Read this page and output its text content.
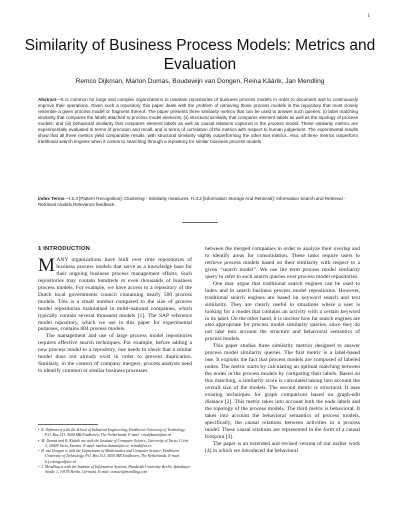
1
Similarity of Business Process Models: Metrics and Evaluation
Remco Dijkman, Marlon Dumas, Boudewijn van Dongen, Reina Käärik, Jan Mendling
Abstract—It is common for large and complex organizations to maintain repositories of business process models in order to document and to continuously improve their operations. Given such a repository, this paper deals with the problem of retrieving those process models in the repository that most closely resemble a given process model or fragment thereof. The paper presents three similarity metrics that can be used to answer such queries: (i) label matching similarity that compares the labels attached to process model elements; (ii) structural similarity that compares element labels as well as the topology of process models; and (iii) behavioral similarity that compares element labels as well as causal relations captured in the process model. These similarity metrics are experimentally evaluated in terms of precision and recall, and in terms of correlation of the metrics with respect to human judgement. The experimental results show that all three metrics yield comparable results, with structural similarity slightly outperforming the other two metrics. Also, all three metrics outperform traditional search engines when it comes to searching through a repository for similar business process models.
Index Terms—I.5.3 [Pattern Recognition]: Clustering - Similarity measures. H.3.3 [Information Storage And Retrieval]: Information Search and Retrieval - Retrieval models,Relevance feedback.
1 INTRODUCTION

MANY organizations have built over time repositories of business process models that serve as a knowledge base for their ongoing business process management efforts. Such repositories may contain hundreds or even thousands of business process models. For example, we have access to a repository of the Dutch local governments council containing nearly 500 process models. This is a small number compared to the size of process model repositories maintained in multi-national companies, which typically contain several thousand models [1]. The SAP reference model repository, which we use in this paper for experimental purposes, contains 604 process models.

The management and use of large process model repositories requires effective search techniques. For example, before adding a new process model to a repository, one needs to check that a similar model does not already exist in order to prevent duplication. Similarly, in the context of company mergers, process analysts need to identify common or similar business processes

between the merged companies in order to analyze their overlap and to identify areas for consolidation. These tasks require users to retrieve process models based on their similarity with respect to a given “search model”. We use the term process model similarity query to refer to such search queries over process model repositories.

One may argue that traditional search engines can be used to index and to search business process model repositories. However, traditional search engines are based on keyword search and text similarity. They are clearly useful in situations where a user is looking for a model that contains an activity with a certain keyword in its label. On the other hand, it is unclear how far search engines are also appropriate for process model similarity queries, since they do not take into account the structure and behavioral semantics of process models.

This paper studies three similarity metrics designed to answer process model similarity queries. The first metric is a label-based one. It exploits the fact that process models are composed of labeled nodes. The metric starts by calculating an optimal matching between the nodes in the process models by comparing their labels. Based on this matching, a similarity score is calculated taking into account the overall size of the models. The second metric is structural. It uses existing techniques for graph comparison based on graph-edit distance [2]. This metric takes into account both the node labels and the topology of the process models. The third metric is behavioral. It takes into account the behavioral semantics of process models, specifically, the causal relations between activities in a process model. These causal relations are represented in the form of a causal footprint [3].

The paper is an extended and revised version of our earlier work [4] in which we introduced the behavioral

•  R. Dijkman is with the School of Industrial Engineering, Eindhoven University of Technology, P.O. Box 513, 5600 MB Eindhoven, The Netherlands. E-mail: r.m.dijkman@tue.nl
•  M. Dumas and R. Käärik are with the Institute of Computer Science, University of Tartu, J Liivi 2, 50409 Tartu, Estonia. E-mail: marlon.dumas@ut.ee, reinak@ut.ee
•  B. van Dongen is with the Department of Mathematics and Computer Science, Eindhoven University of Technology, P.O. Box 513, 5600 MB Eindhoven, The Netherlands. E-mail: b.f.v.dongen@tue.nl
•  J. Mendling is with the Institute of Information Systems, Humboldt-University Berlin, Spandauer Straße 1, 10178 Berlin, Germany. E-mail: contact@mendling.com
